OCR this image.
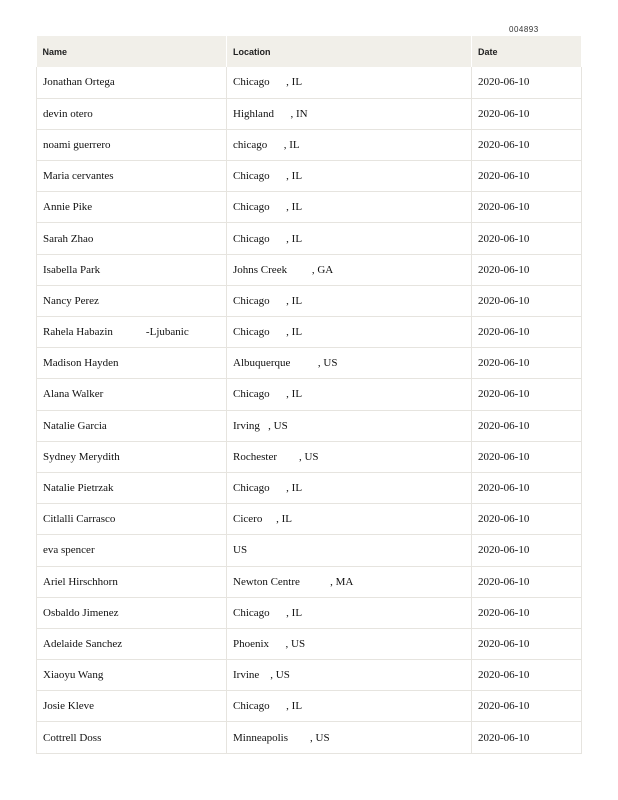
004893
Name	Location	Date
Jonathan Ortega	Chicago      , IL	2020-06-10
devin otero	Highland      , IN	2020-06-10
noami guerrero	chicago      , IL	2020-06-10
Maria cervantes	Chicago      , IL	2020-06-10
Annie Pike	Chicago      , IL	2020-06-10
Sarah Zhao	Chicago      , IL	2020-06-10
Isabella Park	Johns Creek         , GA	2020-06-10
Nancy Perez	Chicago      , IL	2020-06-10
Rahela Habazin            -Ljubanic	Chicago      , IL	2020-06-10
Madison Hayden	Albuquerque          , US	2020-06-10
Alana Walker	Chicago      , IL	2020-06-10
Natalie Garcia	Irving   , US	2020-06-10
Sydney Merydith	Rochester        , US	2020-06-10
Natalie Pietrzak	Chicago      , IL	2020-06-10
Citlalli Carrasco	Cicero     , IL	2020-06-10
eva spencer	US	2020-06-10
Ariel Hirschhorn	Newton Centre           , MA	2020-06-10
Osbaldo Jimenez	Chicago      , IL	2020-06-10
Adelaide Sanchez	Phoenix      , US	2020-06-10
Xiaoyu Wang	Irvine    , US	2020-06-10
Josie Kleve	Chicago      , IL	2020-06-10
Cottrell Doss	Minneapolis        , US	2020-06-10
